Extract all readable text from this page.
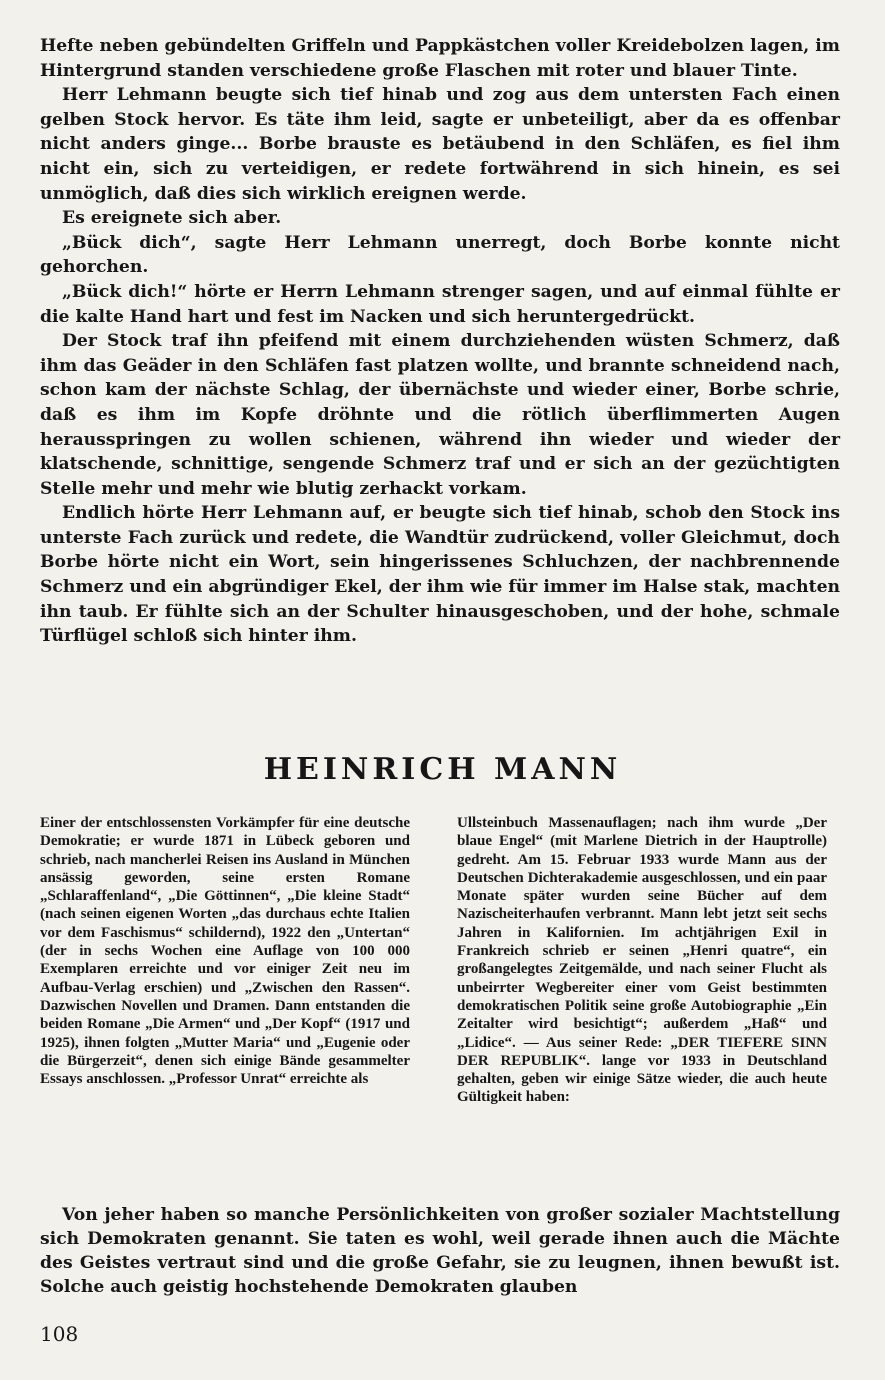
Hefte neben gebündelten Griffeln und Pappkästchen voller Kreidebolzen lagen, im Hintergrund standen verschiedene große Flaschen mit roter und blauer Tinte.

Herr Lehmann beugte sich tief hinab und zog aus dem untersten Fach einen gelben Stock hervor. Es täte ihm leid, sagte er unbeteiligt, aber da es offenbar nicht anders ginge... Borbe brauste es betäubend in den Schläfen, es fiel ihm nicht ein, sich zu verteidigen, er redete fortwährend in sich hinein, es sei unmöglich, daß dies sich wirklich ereignen werde.

Es ereignete sich aber.

„Bück dich“, sagte Herr Lehmann unerregt, doch Borbe konnte nicht gehorchen.

„Bück dich!“ hörte er Herrn Lehmann strenger sagen, und auf einmal fühlte er die kalte Hand hart und fest im Nacken und sich heruntergedrückt.

Der Stock traf ihn pfeifend mit einem durchziehenden wüsten Schmerz, daß ihm das Geäder in den Schläfen fast platzen wollte, und brannte schneidend nach, schon kam der nächste Schlag, der übernächste und wieder einer, Borbe schrie, daß es ihm im Kopfe dröhnte und die rötlich überflimmerten Augen herausspringen zu wollen schienen, während ihn wieder und wieder der klatschende, schnittige, sengende Schmerz traf und er sich an der gezüchtigten Stelle mehr und mehr wie blutig zerhackt vorkam.

Endlich hörte Herr Lehmann auf, er beugte sich tief hinab, schob den Stock ins unterste Fach zurück und redete, die Wandtür zudrückend, voller Gleichmut, doch Borbe hörte nicht ein Wort, sein hingerissenes Schluchzen, der nachbrennende Schmerz und ein abgründiger Ekel, der ihm wie für immer im Halse stak, machten ihn taub. Er fühlte sich an der Schulter hinausgeschoben, und der hohe, schmale Türflügel schloß sich hinter ihm.

HEINRICH MANN

Einer der entschlossensten Vorkämpfer für eine deutsche Demokratie; er wurde 1871 in Lübeck geboren und schrieb, nach mancherlei Reisen ins Ausland in München ansässig geworden, seine ersten Romane „Schlaraffenland“, „Die Göttinnen“, „Die kleine Stadt“ (nach seinen eigenen Worten „das durchaus echte Italien vor dem Faschismus“ schildernd), 1922 den „Untertan“ (der in sechs Wochen eine Auflage von 100 000 Exemplaren erreichte und vor einiger Zeit neu im Aufbau-Verlag erschien) und „Zwischen den Rassen“. Dazwischen Novellen und Dramen. Dann entstanden die beiden Romane „Die Armen“ und „Der Kopf“ (1917 und 1925), ihnen folgten „Mutter Maria“ und „Eugenie oder die Bürgerzeit“, denen sich einige Bände gesammelter Essays anschlossen. „Professor Unrat“ erreichte als

Ullsteinbuch Massenauflagen; nach ihm wurde „Der blaue Engel“ (mit Marlene Dietrich in der Hauptrolle) gedreht. Am 15. Februar 1933 wurde Mann aus der Deutschen Dichterakademie ausgeschlossen, und ein paar Monate später wurden seine Bücher auf dem Nazischeiterhaufen verbrannt. Mann lebt jetzt seit sechs Jahren in Kalifornien. Im achtjährigen Exil in Frankreich schrieb er seinen „Henri quatre“, ein großangelegtes Zeitgemälde, und nach seiner Flucht als unbeirrter Wegbereiter einer vom Geist bestimmten demokratischen Politik seine große Autobiographie „Ein Zeitalter wird besichtigt“; außerdem „Haß“ und „Lidice“. — Aus seiner Rede: „DER TIEFERE SINN DER REPUBLIK“. lange vor 1933 in Deutschland gehalten, geben wir einige Sätze wieder, die auch heute Gültigkeit haben:

Von jeher haben so manche Persönlichkeiten von großer sozialer Machtstellung sich Demokraten genannt. Sie taten es wohl, weil gerade ihnen auch die Mächte des Geistes vertraut sind und die große Gefahr, sie zu leugnen, ihnen bewußt ist. Solche auch geistig hochstehende Demokraten glauben

108
